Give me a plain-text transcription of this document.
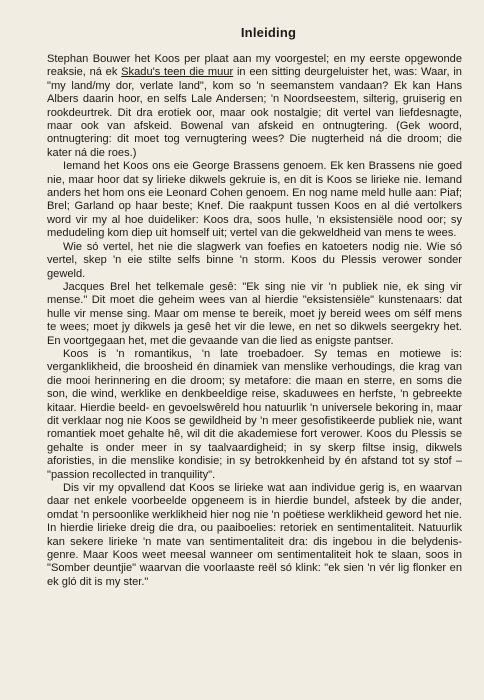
Inleiding

Stephan Bouwer het Koos per plaat aan my voorgestel; en my eerste opgewonde reaksie, ná ek Skadu's teen die muur in een sitting deurgeluister het, was: Waar, in "my land/my dor, verlate land", kom so 'n seemanstem vandaan? Ek kan Hans Albers daarin hoor, en selfs Lale Andersen; 'n Noordseestem, silterig, gruiserig en rookdeurtrek. Dit dra erotiek oor, maar ook nostalgie; dit vertel van liefdesnagte, maar ook van afskeid. Bowenal van afskeid en ontnugtering. (Gek woord, ontnugtering: dit moet tog vernugtering wees? Die nugterheid ná die droom; die kater ná die roes.)

Iemand het Koos ons eie George Brassens genoem. Ek ken Brassens nie goed nie, maar hoor dat sy lirieke dikwels gekruie is, en dit is Koos se lirieke nie. Iemand anders het hom ons eie Leonard Cohen genoem. En nog name meld hulle aan: Piaf; Brel; Garland op haar beste; Knef. Die raakpunt tussen Koos en al dié vertolkers word vir my al hoe duideliker: Koos dra, soos hulle, 'n eksistensiële nood oor; sy medudeling kom diep uit homself uit; vertel van die gekweldheid van mens te wees.

Wie só vertel, het nie die slagwerk van foefies en katoeters nodig nie. Wie só vertel, skep 'n eie stilte selfs binne 'n storm. Koos du Plessis verower sonder geweld.

Jacques Brel het telkemale gesê: "Ek sing nie vir 'n publiek nie, ek sing vir mense." Dit moet die geheim wees van al hierdie "eksistensiële" kunstenaars: dat hulle vir mense sing. Maar om mense te bereik, moet jy bereid wees om sélf mens te wees; moet jy dikwels ja gesê het vir die lewe, en net so dikwels seergekry het. En voortgegaan het, met die gevaande van die lied as enigste pantser.

Koos is 'n romantikus, 'n late troebadoer. Sy temas en motiewe is: verganklikheid, die broosheid én dinamiek van menslike verhoudings, die krag van die mooi herinnering en die droom; sy metafore: die maan en sterre, en soms die son, die wind, werklike en denkbeeldige reise, skaduwees en herfste, 'n gebreekte kitaar. Hierdie beeld- en gevoelswêreld hou natuurlik 'n universele bekoring in, maar dit verklaar nog nie Koos se gewildheid by 'n meer gesofistikeerde publiek nie, want romantiek moet gehalte hê, wil dit die akademiese fort verower. Koos du Plessis se gehalte is onder meer in sy taalvaardigheid; in sy skerp filtse insig, dikwels aforisties, in die menslike kondisie; in sy betrokkenheid by én afstand tot sy stof – "passion recollected in tranquility".

Dis vir my opvallend dat Koos se lirieke wat aan individue gerig is, en waarvan daar net enkele voorbeelde opgeneem is in hierdie bundel, afsteek by die ander, omdat 'n persoonlike werklikheid hier nog nie 'n poëtiese werklikheid geword het nie. In hierdie lirieke dreig die dra, ou paaiboelies: retoriek en sentimentaliteit. Natuurlik kan sekere lirieke 'n mate van sentimentaliteit dra: dis ingebou in die belydenis-genre. Maar Koos weet meesal wanneer om sentimentaliteit hok te slaan, soos in "Somber deuntjie" waarvan die voorlaaste reël só klink: "ek sien 'n vér lig flonker en ek gló dit is my ster."
